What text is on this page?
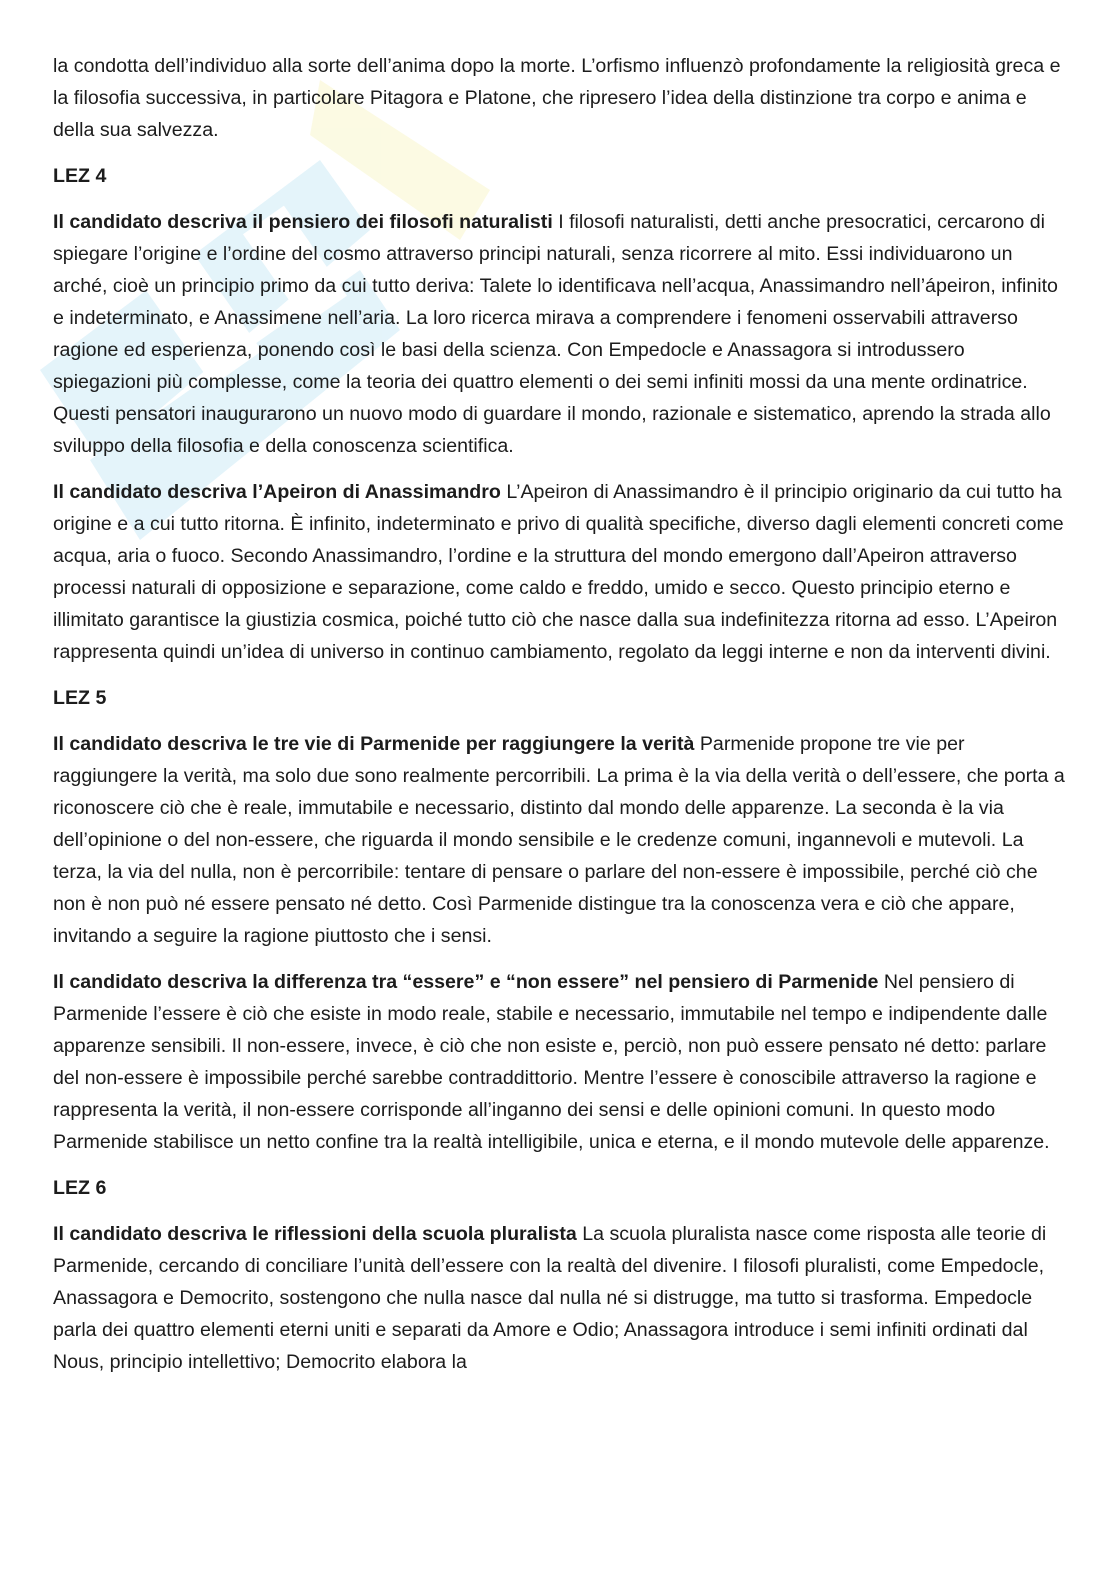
la condotta dell’individuo alla sorte dell’anima dopo la morte. L’orfismo influenzò profondamente la religiosità greca e la filosofia successiva, in particolare Pitagora e Platone, che ripresero l’idea della distinzione tra corpo e anima e della sua salvezza.

LEZ 4

Il candidato descriva il pensiero dei filosofi naturalisti I filosofi naturalisti, detti anche presocratici, cercarono di spiegare l’origine e l’ordine del cosmo attraverso principi naturali, senza ricorrere al mito. Essi individuarono un arché, cioè un principio primo da cui tutto deriva: Talete lo identificava nell’acqua, Anassimandro nell’ápeiron, infinito e indeterminato, e Anassimene nell’aria. La loro ricerca mirava a comprendere i fenomeni osservabili attraverso ragione ed esperienza, ponendo così le basi della scienza. Con Empedocle e Anassagora si introdussero spiegazioni più complesse, come la teoria dei quattro elementi o dei semi infiniti mossi da una mente ordinatrice. Questi pensatori inaugurarono un nuovo modo di guardare il mondo, razionale e sistematico, aprendo la strada allo sviluppo della filosofia e della conoscenza scientifica.

Il candidato descriva l’Apeiron di Anassimandro L’Apeiron di Anassimandro è il principio originario da cui tutto ha origine e a cui tutto ritorna. È infinito, indeterminato e privo di qualità specifiche, diverso dagli elementi concreti come acqua, aria o fuoco. Secondo Anassimandro, l’ordine e la struttura del mondo emergono dall’Apeiron attraverso processi naturali di opposizione e separazione, come caldo e freddo, umido e secco. Questo principio eterno e illimitato garantisce la giustizia cosmica, poiché tutto ciò che nasce dalla sua indefinitezza ritorna ad esso. L’Apeiron rappresenta quindi un’idea di universo in continuo cambiamento, regolato da leggi interne e non da interventi divini.

LEZ 5

Il candidato descriva le tre vie di Parmenide per raggiungere la verità Parmenide propone tre vie per raggiungere la verità, ma solo due sono realmente percorribili. La prima è la via della verità o dell’essere, che porta a riconoscere ciò che è reale, immutabile e necessario, distinto dal mondo delle apparenze. La seconda è la via dell’opinione o del non-essere, che riguarda il mondo sensibile e le credenze comuni, ingannevoli e mutevoli. La terza, la via del nulla, non è percorribile: tentare di pensare o parlare del non-essere è impossibile, perché ciò che non è non può né essere pensato né detto. Così Parmenide distingue tra la conoscenza vera e ciò che appare, invitando a seguire la ragione piuttosto che i sensi.

Il candidato descriva la differenza tra “essere” e “non essere” nel pensiero di Parmenide Nel pensiero di Parmenide l’essere è ciò che esiste in modo reale, stabile e necessario, immutabile nel tempo e indipendente dalle apparenze sensibili. Il non-essere, invece, è ciò che non esiste e, perciò, non può essere pensato né detto: parlare del non-essere è impossibile perché sarebbe contraddittorio. Mentre l’essere è conoscibile attraverso la ragione e rappresenta la verità, il non-essere corrisponde all’inganno dei sensi e delle opinioni comuni. In questo modo Parmenide stabilisce un netto confine tra la realtà intelligibile, unica e eterna, e il mondo mutevole delle apparenze.

LEZ 6

Il candidato descriva le riflessioni della scuola pluralista La scuola pluralista nasce come risposta alle teorie di Parmenide, cercando di conciliare l’unità dell’essere con la realtà del divenire. I filosofi pluralisti, come Empedocle, Anassagora e Democrito, sostengono che nulla nasce dal nulla né si distrugge, ma tutto si trasforma. Empedocle parla dei quattro elementi eterni uniti e separati da Amore e Odio; Anassagora introduce i semi infiniti ordinati dal Nous, principio intellettivo; Democrito elabora la
